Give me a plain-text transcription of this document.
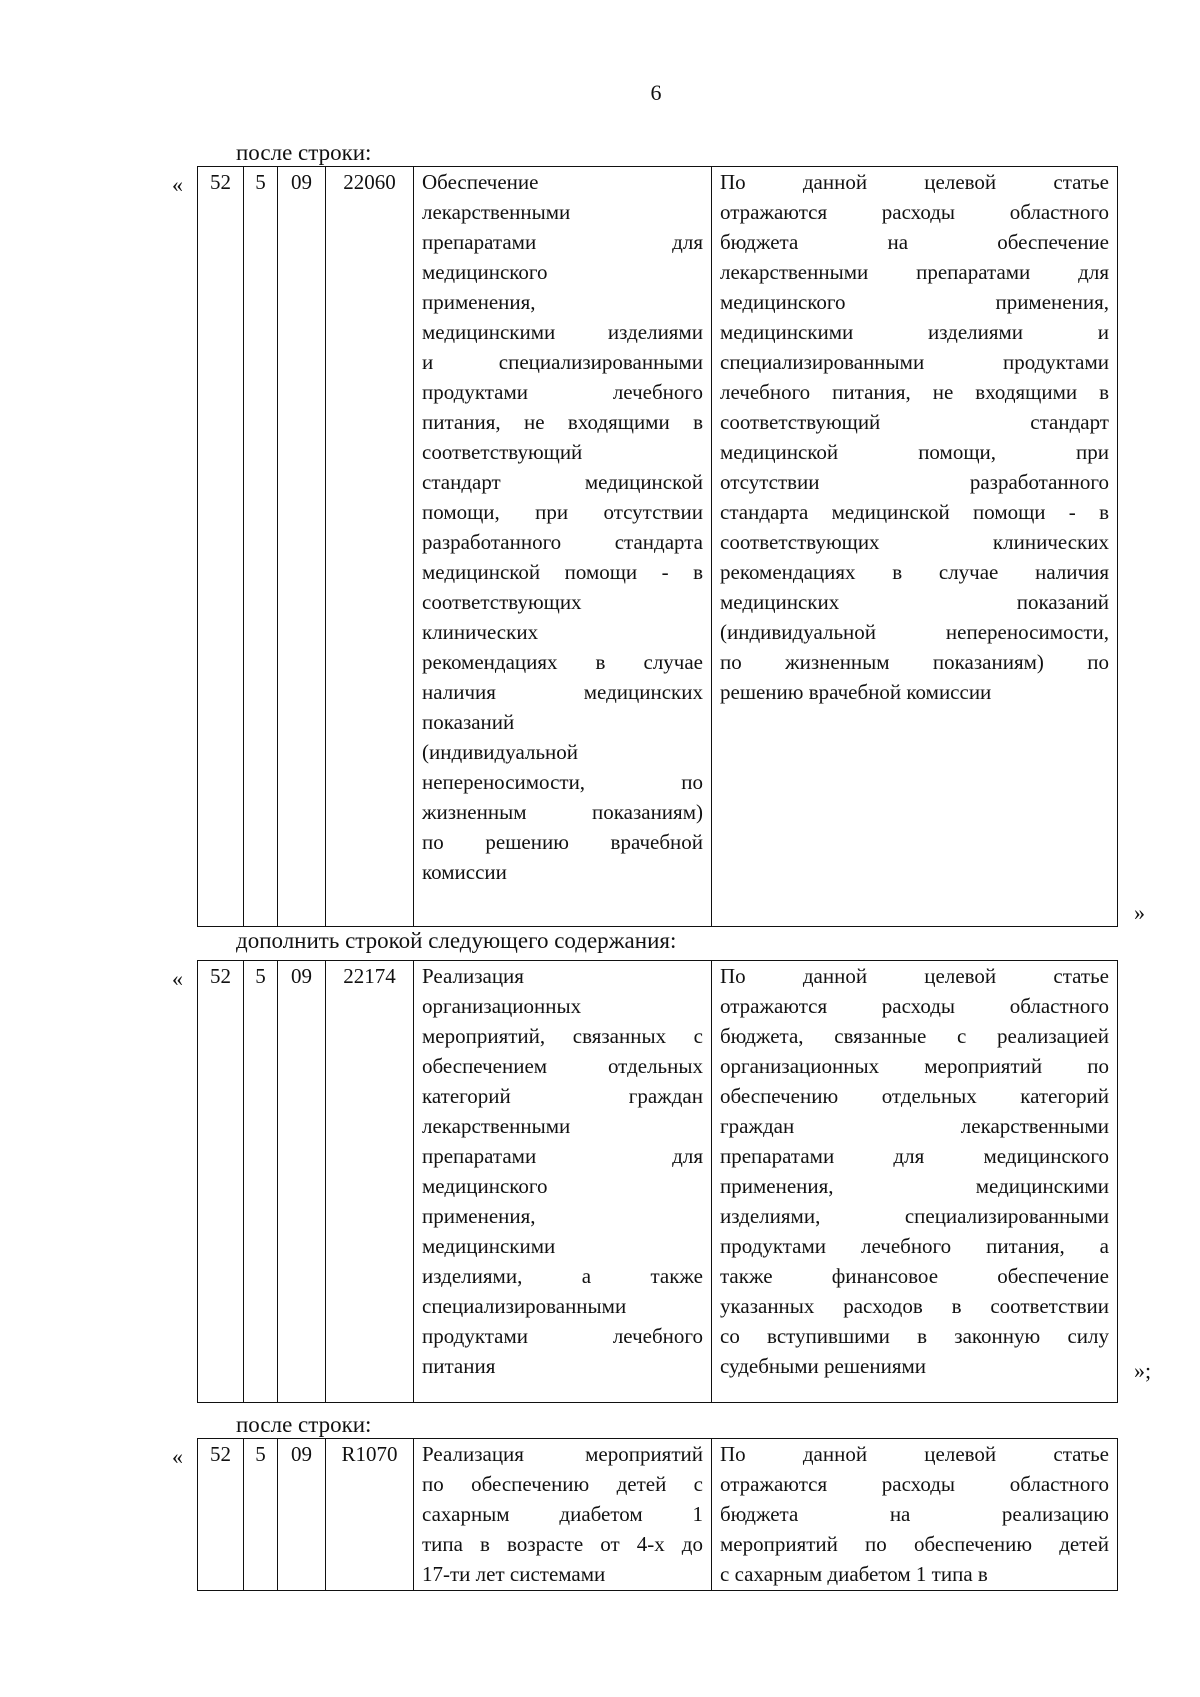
6
после строки:
« 52	5	09	22060	Обеспечение
лекарственными
препаратами для
медицинского
применения,
медицинскими изделиями
и специализированными
продуктами лечебного
питания, не входящими в
соответствующий
стандарт медицинской
помощи, при отсутствии
разработанного стандарта
медицинской помощи - в
соответствующих
клинических
рекомендациях в случае
наличия медицинских
показаний
(индивидуальной
непереносимости, по
жизненным показаниям)
по решению врачебной
комиссии

По данной целевой статье
отражаются расходы областного
бюджета на обеспечение
лекарственными препаратами для
медицинского применения,
медицинскими изделиями и
специализированными продуктами
лечебного питания, не входящими в
соответствующий стандарт
медицинской помощи, при
отсутствии разработанного
стандарта медицинской помощи - в
соответствующих клинических
рекомендациях в случае наличия
медицинских показаний
(индивидуальной непереносимости,
по жизненным показаниям) по
решению врачебной комиссии
»
дополнить строкой следующего содержания:
« 52	5	09	22174	Реализация
организационных
мероприятий, связанных с
обеспечением отдельных
категорий граждан
лекарственными
препаратами для
медицинского
применения,
медицинскими
изделиями, а также
специализированными
продуктами лечебного
питания

По данной целевой статье
отражаются расходы областного
бюджета, связанные с реализацией
организационных мероприятий по
обеспечению отдельных категорий
граждан лекарственными
препаратами для медицинского
применения, медицинскими
изделиями, специализированными
продуктами лечебного питания, а
также финансовое обеспечение
указанных расходов в соответствии
со вступившими в законную силу
судебными решениями	»;
после строки:
« 52	5	09	R1070	Реализация мероприятий
по обеспечению детей с
сахарным диабетом 1
типа в возрасте от 4-х до
17-ти лет системами

По данной целевой статье
отражаются расходы областного
бюджета на реализацию
мероприятий по обеспечению детей
с сахарным диабетом 1 типа в
